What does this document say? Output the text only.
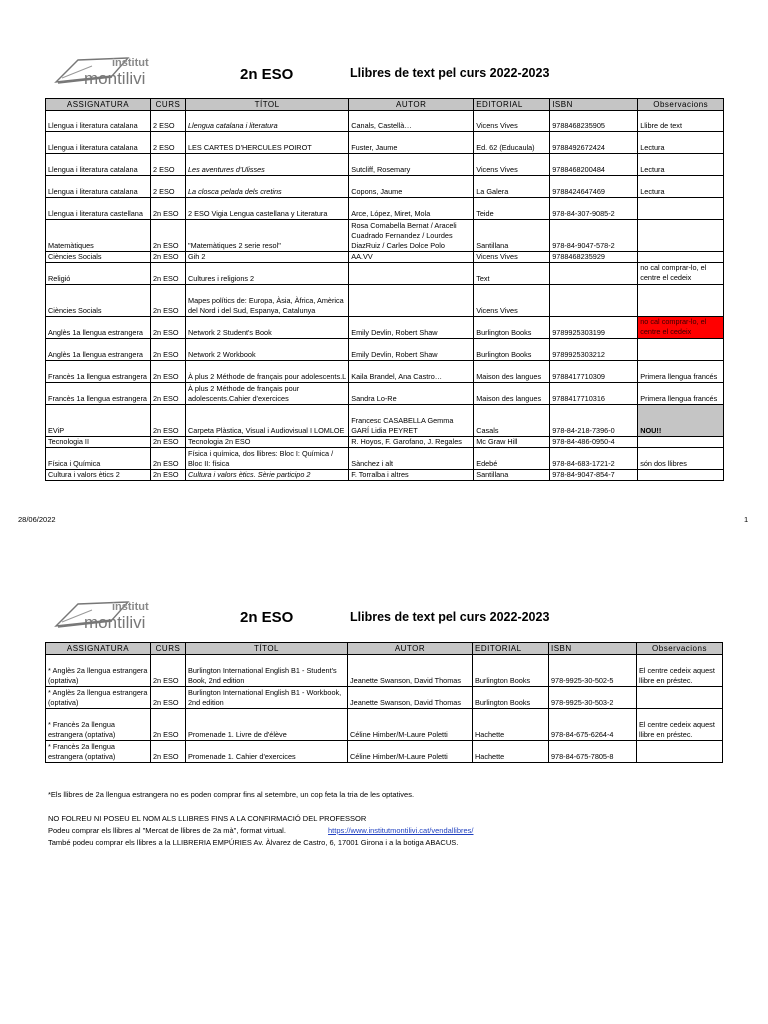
institut
montilivi	2n ESO	Llibres de text pel curs 2022-2023
ASSIGNATURA	CURS	TÍTOL	AUTOR	EDITORIAL	ISBN	Observacions
Llengua i literatura catalana	2 ESO	Llengua catalana i literatura	Canals, Castellà…	Vicens Vives	9788468235905	Llibre de text
Llengua i literatura catalana	2 ESO	LES CARTES D'HERCULES POIROT	Fuster, Jaume	Ed. 62 (Educaula)	9788492672424	Lectura
Llengua i literatura catalana	2 ESO	Les aventures d'Ulisses	Sutcliff, Rosemary	Vicens Vives	9788468200484	Lectura
Llengua i literatura catalana	2 ESO	La closca pelada dels cretins	Copons, Jaume	La Galera	9788424647469	Lectura
Llengua i literatura castellana	2n ESO	2 ESO Vigia Lengua castellana y Literatura	Arce, López, Miret, Mola	Teide	978-84-307-9085-2	
Matemàtiques	2n ESO	"Matemàtiques 2 serie resol"	Rosa Comabella Bernat / Araceli Cuadrado Fernandez / Lourdes DiazRuiz / Carles Dolce Polo	Santillana	978-84-9047-578-2	
Ciències Socials	2n ESO	Gih 2	AA.VV	Vicens Vives	9788468235929	
Religió	2n ESO	Cultures i religions 2		Text		no cal comprar-lo, el centre el cedeix
Ciències Socials	2n ESO	Mapes polítics de: Europa, Àsia, Àfrica, Amèrica del Nord i del Sud, Espanya, Catalunya		Vicens Vives		
Anglès 1a llengua estrangera	2n ESO	Network 2 Student's Book	Emily Devlin, Robert Shaw	Burlington Books	9789925303199	no cal comprar-lo, el centre el cedeix
Anglès 1a llengua estrangera	2n ESO	Network 2 Workbook	Emily Devlin, Robert Shaw	Burlington Books	9789925303212	
Francès 1a llengua estrangera	2n ESO	À plus 2 Méthode de français pour adolescents.L	Kaila Brandel, Ana Castro…	Maison des langues	9788417710309	Primera llengua francés
Francès 1a llengua estrangera	2n ESO	À plus 2 Méthode de français pour adolescents.Cahier d'exercices	Sandra Lo-Re	Maison des langues	9788417710316	Primera llengua francés
EViP	2n ESO	Carpeta Plàstica, Visual i Audiovisual I LOMLOE	Francesc CASABELLA Gemma GARÍ Lidia PEYRET	Casals	978-84-218-7396-0	NOU!!
Tecnologia II	2n ESO	Tecnologia 2n ESO	R. Hoyos, F. Garofano, J. Regales	Mc Graw Hill	978-84-486-0950-4	
Física i Química	2n ESO	Física i química, dos llibres: Bloc I: Química / Bloc II: física	Sànchez i alt	Edebé	978-84-683-1721-2	són dos llibres
Cultura i valors ètics 2	2n ESO	Cultura i valors ètics. Sèrie participo 2	F. Torralba i altres	Santillana	978-84-9047-854-7	
28/06/2022	1
institut
montilivi	2n ESO	Llibres de text pel curs 2022-2023
ASSIGNATURA	CURS	TÍTOL	AUTOR	EDITORIAL	ISBN	Observacions
* Anglès 2a llengua estrangera (optativa)	2n ESO	Burlington International English B1 - Student's Book, 2nd edition	Jeanette Swanson, David Thomas	Burlington Books	978-9925-30-502-5	El centre cedeix aquest llibre en préstec.
* Anglès 2a llengua estrangera (optativa)	2n ESO	Burlington International English B1 - Workbook, 2nd edition	Jeanette Swanson, David Thomas	Burlington Books	978-9925-30-503-2	
* Francès 2a llengua estrangera (optativa)	2n ESO	Promenade 1. Livre de d'élève	Céline Himber/M-Laure Poletti	Hachette	978-84-675-6264-4	El centre cedeix aquest llibre en préstec.
* Francès 2a llengua estrangera (optativa)	2n ESO	Promenade 1. Cahier d'exercices	Céline Himber/M-Laure Poletti	Hachette	978-84-675-7805-8	
*Els llibres de 2a llengua estrangera no es poden comprar fins al setembre, un cop feta la tria de les optatives.
NO FOLREU NI POSEU EL NOM ALS LLIBRES FINS A LA CONFIRMACIÓ DEL PROFESSOR
Podeu comprar els llibres al "Mercat de llibres de 2a mà", format virtual.	https://www.institutmontilivi.cat/vendallibres/
També podeu comprar els llibres a la LLIBRERIA EMPÚRIES Av. Àlvarez de Castro, 6, 17001 Girona i a la botiga ABACUS.
